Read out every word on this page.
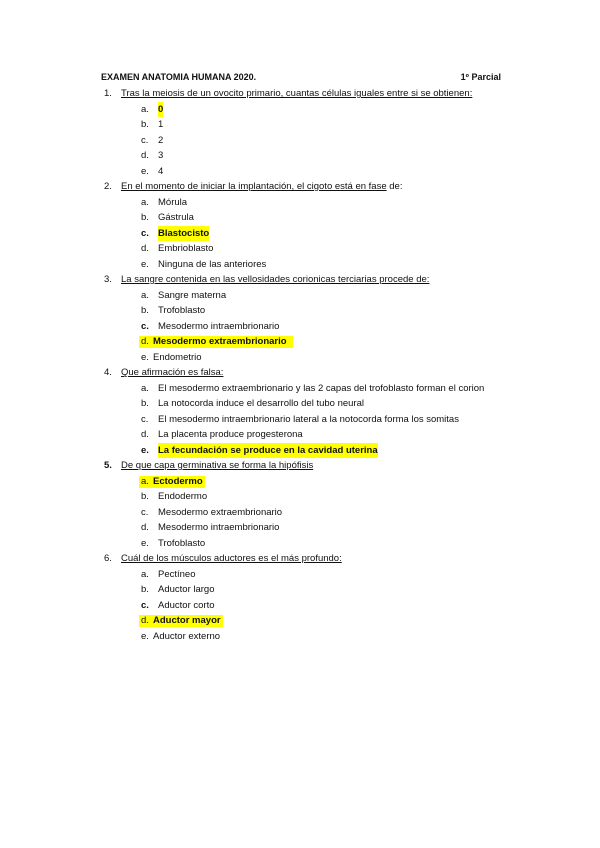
EXAMEN ANATOMIA HUMANA 2020.	1º Parcial
1. Tras la meiosis de un ovocito primario, cuantas células iguales entre si se obtienen:
a. 0
b. 1
c. 2
d. 3
e. 4
2. En el momento de iniciar la implantación, el cigoto está en fase de:
a. Mórula
b. Gástrula
c. Blastocisto
d. Embrioblasto
e. Ninguna de las anteriores
3. La sangre contenida en las vellosidades corionicas terciarias procede de:
a. Sangre materna
b. Trofoblasto
c. Mesodermo intraembrionario
d. Mesodermo extraembrionario
e. Endometrio
4. Que afirmación es falsa:
a. El mesodermo extraembrionario y las 2 capas del trofoblasto forman el corion
b. La notocorda induce el desarrollo del tubo neural
c. El mesodermo intraembrionario lateral a la notocorda forma los somitas
d. La placenta produce progesterona
e. La fecundación se produce en la cavidad uterina
5. De que capa germinativa se forma la hipófisis
a. Ectodermo
b. Endodermo
c. Mesodermo extraembrionario
d. Mesodermo intraembrionario
e. Trofoblasto
6. Cuál de los músculos aductores es el más profundo:
a. Pectíneo
b. Aductor largo
c. Aductor corto
d. Aductor mayor
e. Aductor externo
